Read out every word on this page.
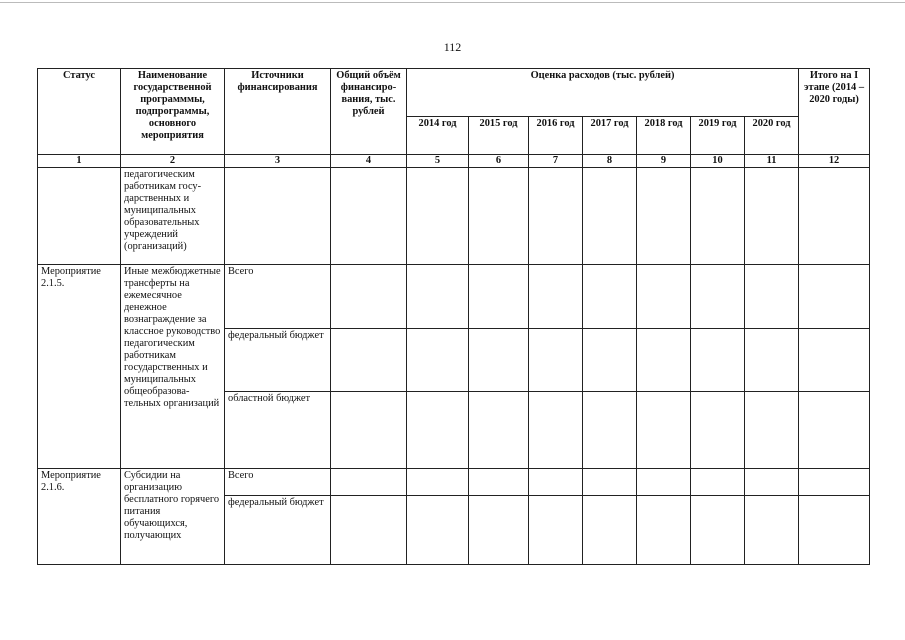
112
Статус	Наименование государственной программмы, подпрограммы, основного мероприятия	Источники финансирования	Общий объём финансиро-вания, тыс. рублей	Оценка расходов (тыс. рублей)							Итого на I этапе (2014 – 2020 годы)
				2014 год	2015 год	2016 год	2017 год	2018 год	2019 год	2020 год	
1	2	3	4	5	6	7	8	9	10	11	12
	педагогическим работникам госу-дарственных и муниципальных образовательных учреждений (организаций)										
Мероприятие 2.1.5.	Иные межбюджетные трансферты на ежемесячное денежное вознаграждение за классное руководство педагогическим работникам государственных и муниципальных общеобразова-тельных организаций	Всего									
		федеральный бюджет									
		областной бюджет									
Мероприятие 2.1.6.	Субсидии на организацию бесплатного горячего питания обучающихся, получающих	Всего									
		федеральный бюджет									
